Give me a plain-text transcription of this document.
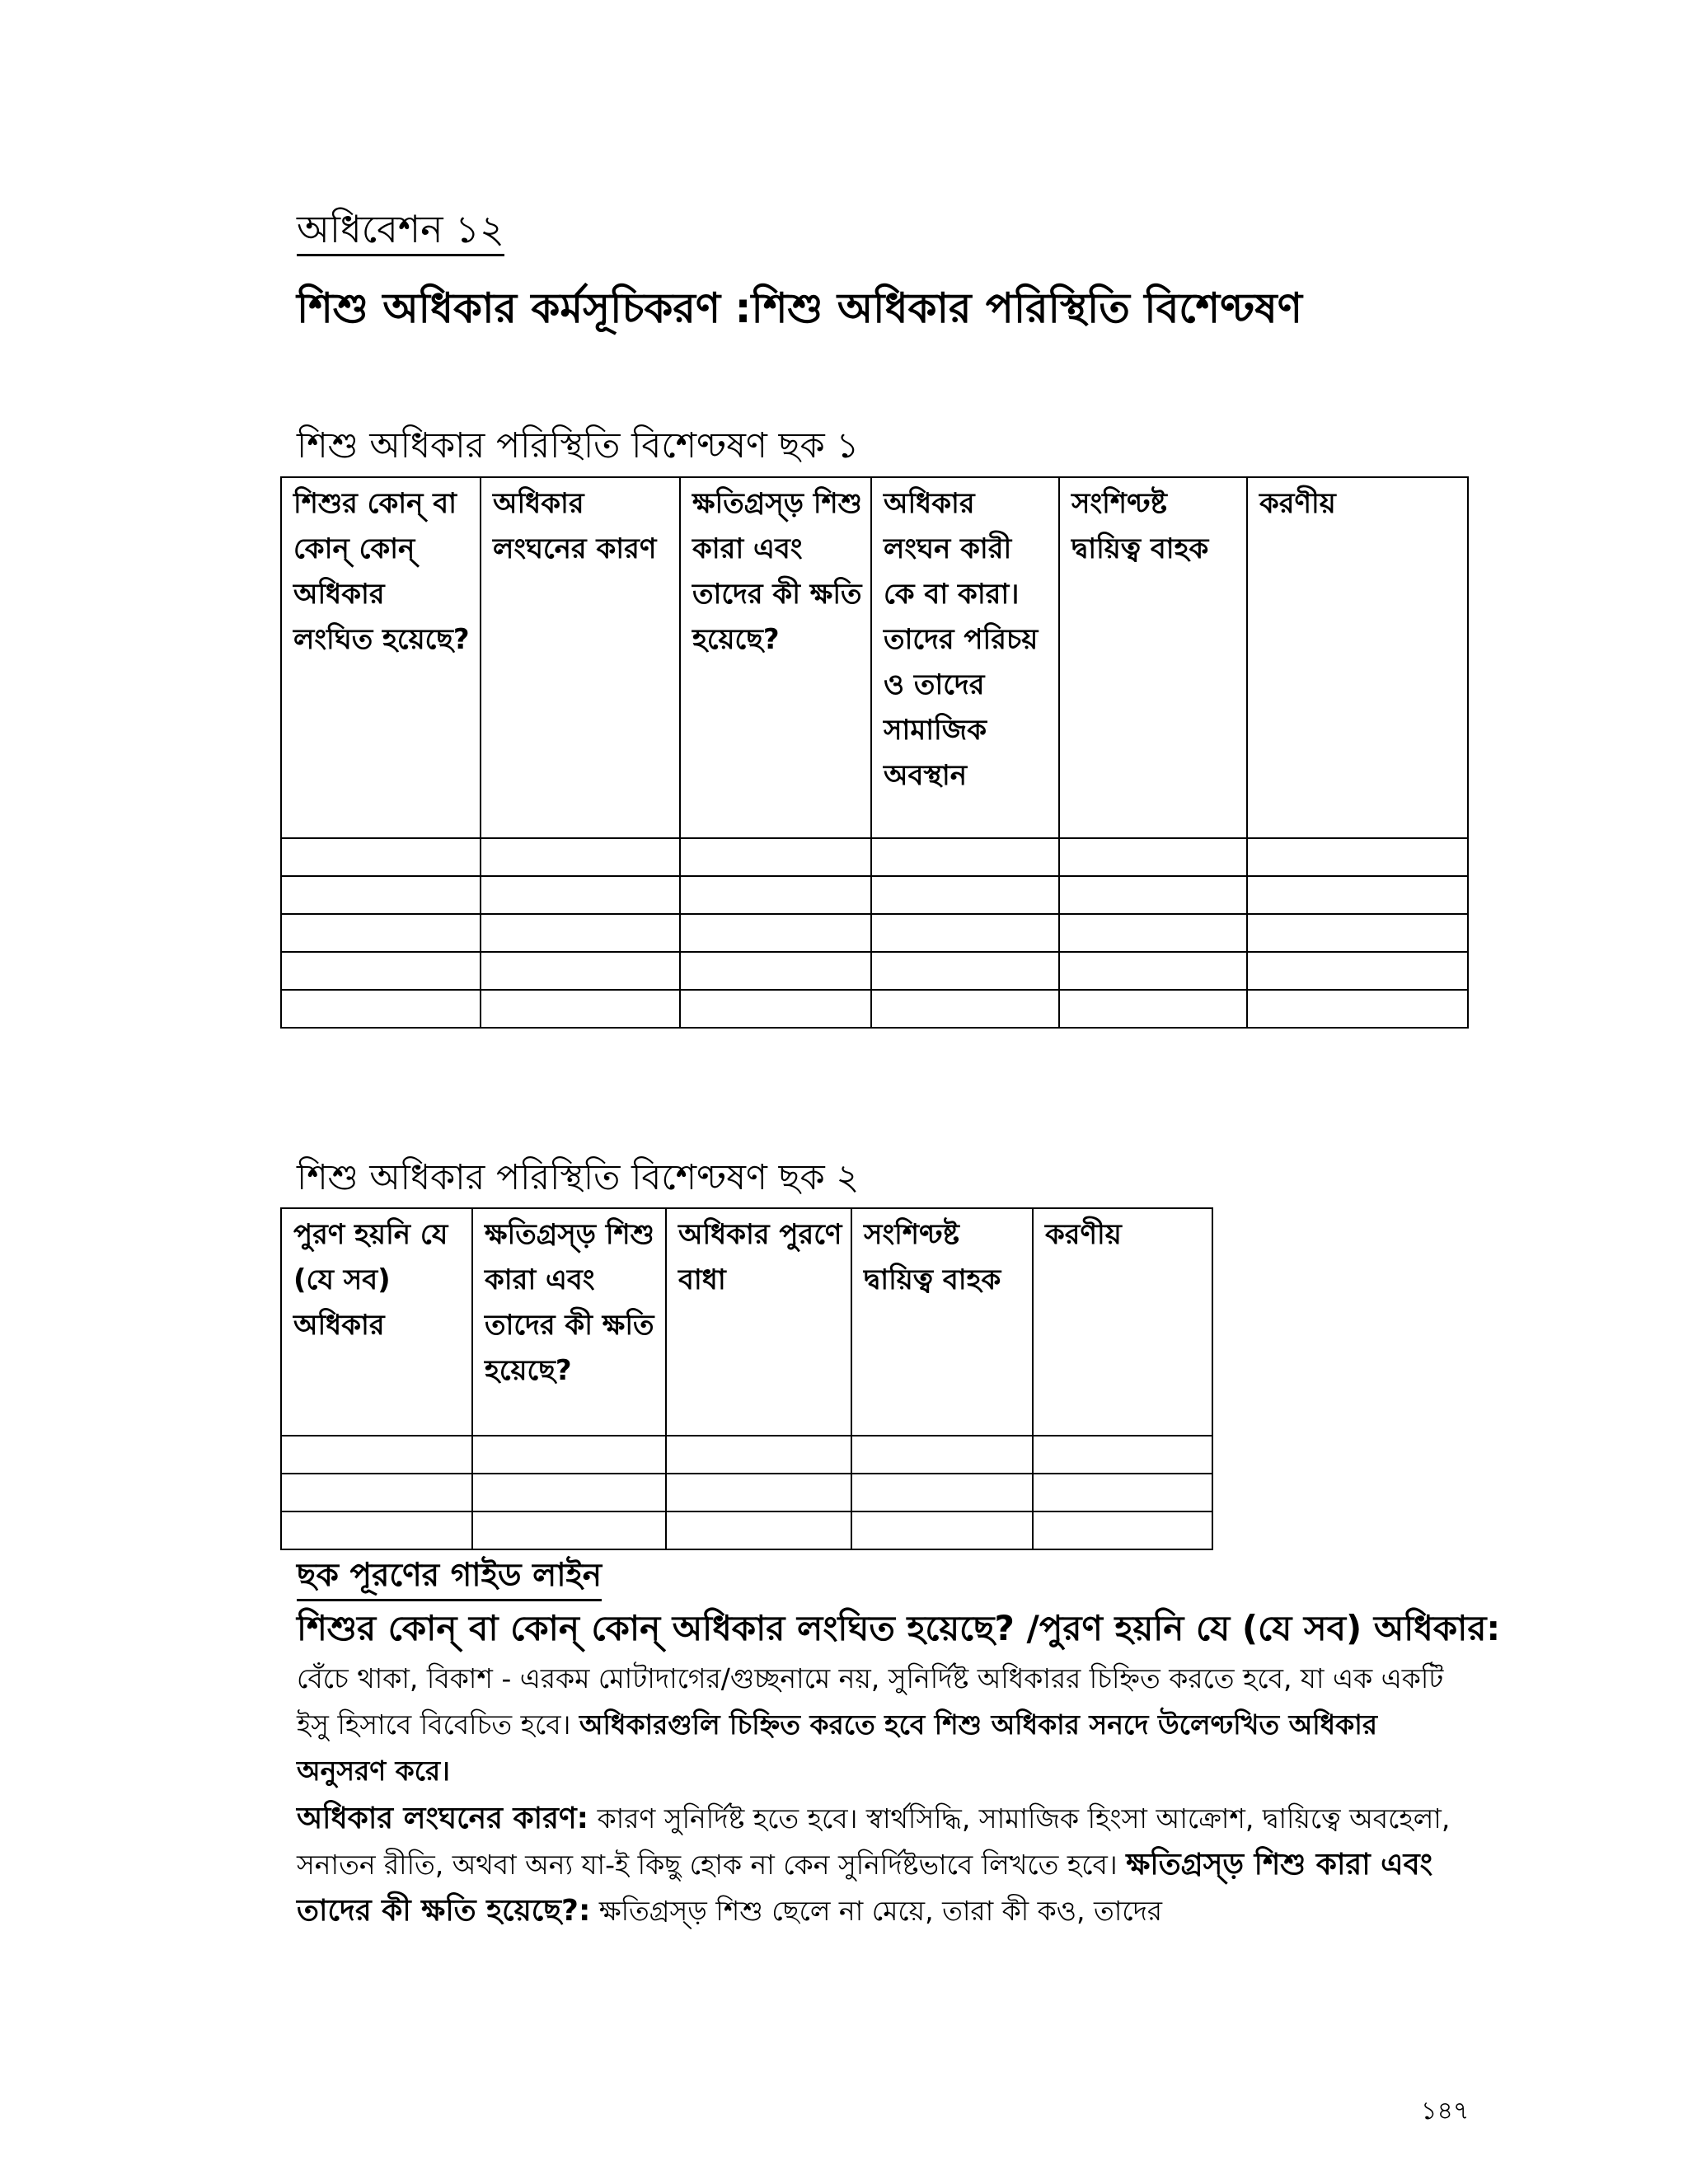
অধিবেশন ১২
শিশু অধিকার কর্মসূচিকরণ :শিশু অধিকার পরিস্থিতি বিশেণ্ঢষণ
শিশু অধিকার পরিস্থিতি বিশেণ্ঢষণ ছক ১
শিশুর কোন্ বা কোন্ কোন্ অধিকার লংঘিত হয়েছে?	অধিকার লংঘনের কারণ	ক্ষতিগ্রস্ড় শিশু কারা এবং তাদের কী ক্ষতি হয়েছে?	অধিকার লংঘন কারী কে বা কারা। তাদের পরিচয় ও তাদের সামাজিক অবস্থান	সংশিণ্ঢষ্ট দ্বায়িত্ব বাহক	করণীয়

শিশু অধিকার পরিস্থিতি বিশেণ্ঢষণ ছক ২
পুরণ হয়নি যে (যে সব) অধিকার	ক্ষতিগ্রস্ড় শিশু কারা এবং তাদের কী ক্ষতি হয়েছে?	অধিকার পুরণে বাধা	সংশিণ্ঢষ্ট দ্বায়িত্ব বাহক	করণীয়

ছক পূরণের গাইড লাইন

শিশুর কোন্ বা কোন্ কোন্ অধিকার লংঘিত হয়েছে? /পুরণ হয়নি যে (যে সব) অধিকার:

বেঁচে থাকা, বিকাশ - এরকম মোটাদাগের/গুচ্ছনামে নয়, সুনির্দিষ্ট অধিকারর চিহ্নিত করতে হবে, যা এক একটি ইসু হিসাবে বিবেচিত হবে। অধিকারগুলি চিহ্নিত করতে হবে শিশু অধিকার সনদে উলেণ্ঢখিত অধিকার অনুসরণ করে।

অধিকার লংঘনের কারণ: কারণ সুনির্দিষ্ট হতে হবে। স্বার্থসিদ্ধি, সামাজিক হিংসা আক্রোশ, দ্বায়িত্বে অবহেলা, সনাতন রীতি, অথবা অন্য যা-ই কিছু হোক না কেন সুনির্দিষ্টভাবে লিখতে হবে। ক্ষতিগ্রস্ড় শিশু কারা এবং তাদের কী ক্ষতি হয়েছে?: ক্ষতিগ্রস্ড় শিশু ছেলে না মেয়ে, তারা কী কও, তাদের

১৪৭
